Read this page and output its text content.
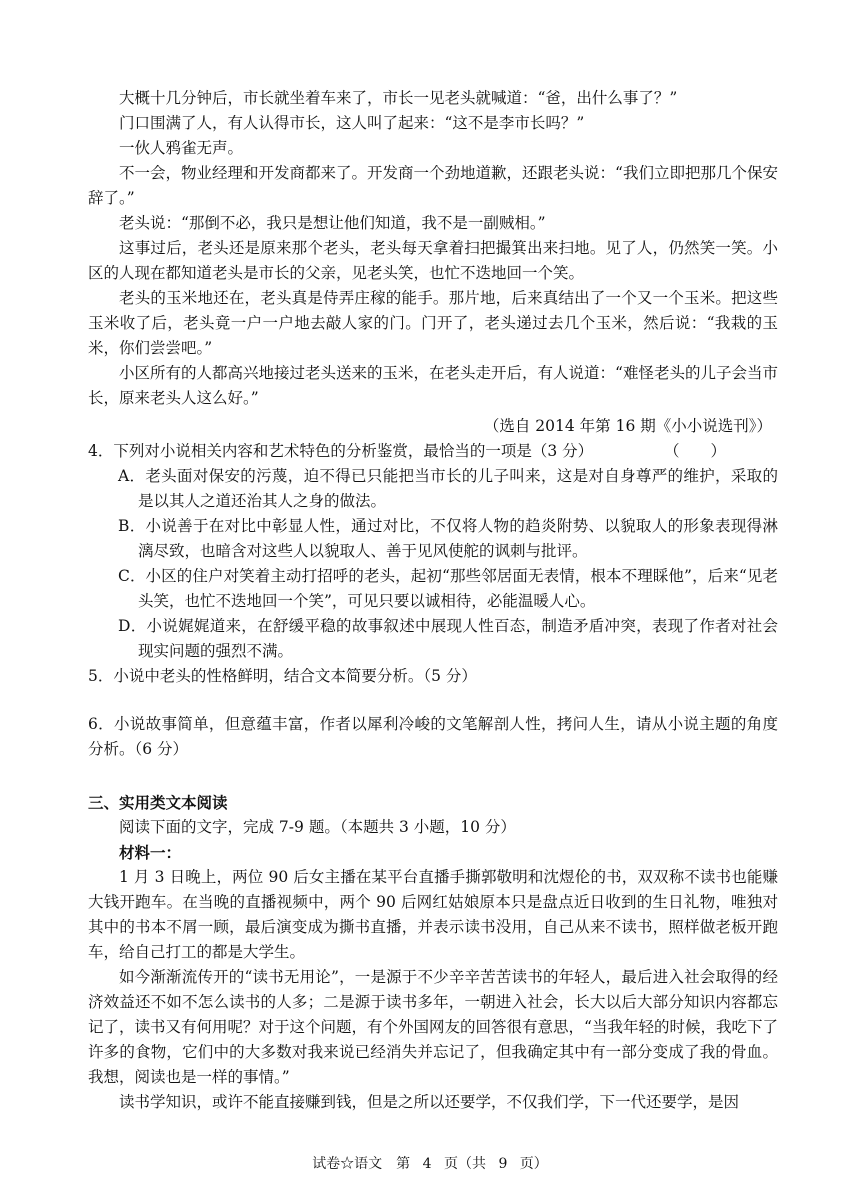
大概十几分钟后，市长就坐着车来了，市长一见老头就喊道：“爸，出什么事了？”

门口围满了人，有人认得市长，这人叫了起来：“这不是李市长吗？”

一伙人鸦雀无声。

不一会，物业经理和开发商都来了。开发商一个劲地道歉，还跟老头说：“我们立即把那几个保安辞了。”

老头说：“那倒不必，我只是想让他们知道，我不是一副贼相。”

这事过后，老头还是原来那个老头，老头每天拿着扫把撮箕出来扫地。见了人，仍然笑一笑。小区的人现在都知道老头是市长的父亲，见老头笑，也忙不迭地回一个笑。

老头的玉米地还在，老头真是侍弄庄稼的能手。那片地，后来真结出了一个又一个玉米。把这些玉米收了后，老头竟一户一户地去敲人家的门。门开了，老头递过去几个玉米，然后说：“我栽的玉米，你们尝尝吧。”

小区所有的人都高兴地接过老头送来的玉米，在老头走开后，有人说道：“难怪老头的儿子会当市长，原来老头人这么好。”

（选自 2014 年第 16 期《小小说选刊》）

4．下列对小说相关内容和艺术特色的分析鉴赏，最恰当的一项是（3 分）	（　　）

A．老头面对保安的污蔑，迫不得已只能把当市长的儿子叫来，这是对自身尊严的维护，采取的是以其人之道还治其人之身的做法。

B．小说善于在对比中彰显人性，通过对比，不仅将人物的趋炎附势、以貌取人的形象表现得淋漓尽致，也暗含对这些人以貌取人、善于见风使舵的讽刺与批评。

C．小区的住户对笑着主动打招呼的老头，起初“那些邻居面无表情，根本不理睬他”，后来“见老头笑，也忙不迭地回一个笑”，可见只要以诚相待，必能温暖人心。

D．小说娓娓道来，在舒缓平稳的故事叙述中展现人性百态，制造矛盾冲突，表现了作者对社会现实问题的强烈不满。

5．小说中老头的性格鲜明，结合文本简要分析。（5 分）

6．小说故事简单，但意蕴丰富，作者以犀利冷峻的文笔解剖人性，拷问人生，请从小说主题的角度分析。（6 分）

三、实用类文本阅读

阅读下面的文字，完成 7-9 题。（本题共 3 小题，10 分）

材料一：

1 月 3 日晚上，两位 90 后女主播在某平台直播手撕郭敬明和沈煜伦的书，双双称不读书也能赚大钱开跑车。在当晚的直播视频中，两个 90 后网红姑娘原本只是盘点近日收到的生日礼物，唯独对其中的书本不屑一顾，最后演变成为撕书直播，并表示读书没用，自己从来不读书，照样做老板开跑车，给自己打工的都是大学生。

如今渐渐流传开的“读书无用论”，一是源于不少辛辛苦苦读书的年轻人，最后进入社会取得的经济效益还不如不怎么读书的人多；二是源于读书多年，一朝进入社会，长大以后大部分知识内容都忘记了，读书又有何用呢？对于这个问题，有个外国网友的回答很有意思，“当我年轻的时候，我吃下了许多的食物，它们中的大多数对我来说已经消失并忘记了，但我确定其中有一部分变成了我的骨血。我想，阅读也是一样的事情。”

读书学知识，或许不能直接赚到钱，但是之所以还要学，不仅我们学，下一代还要学，是因

试卷☆语文　第 4 页（共 9 页）
